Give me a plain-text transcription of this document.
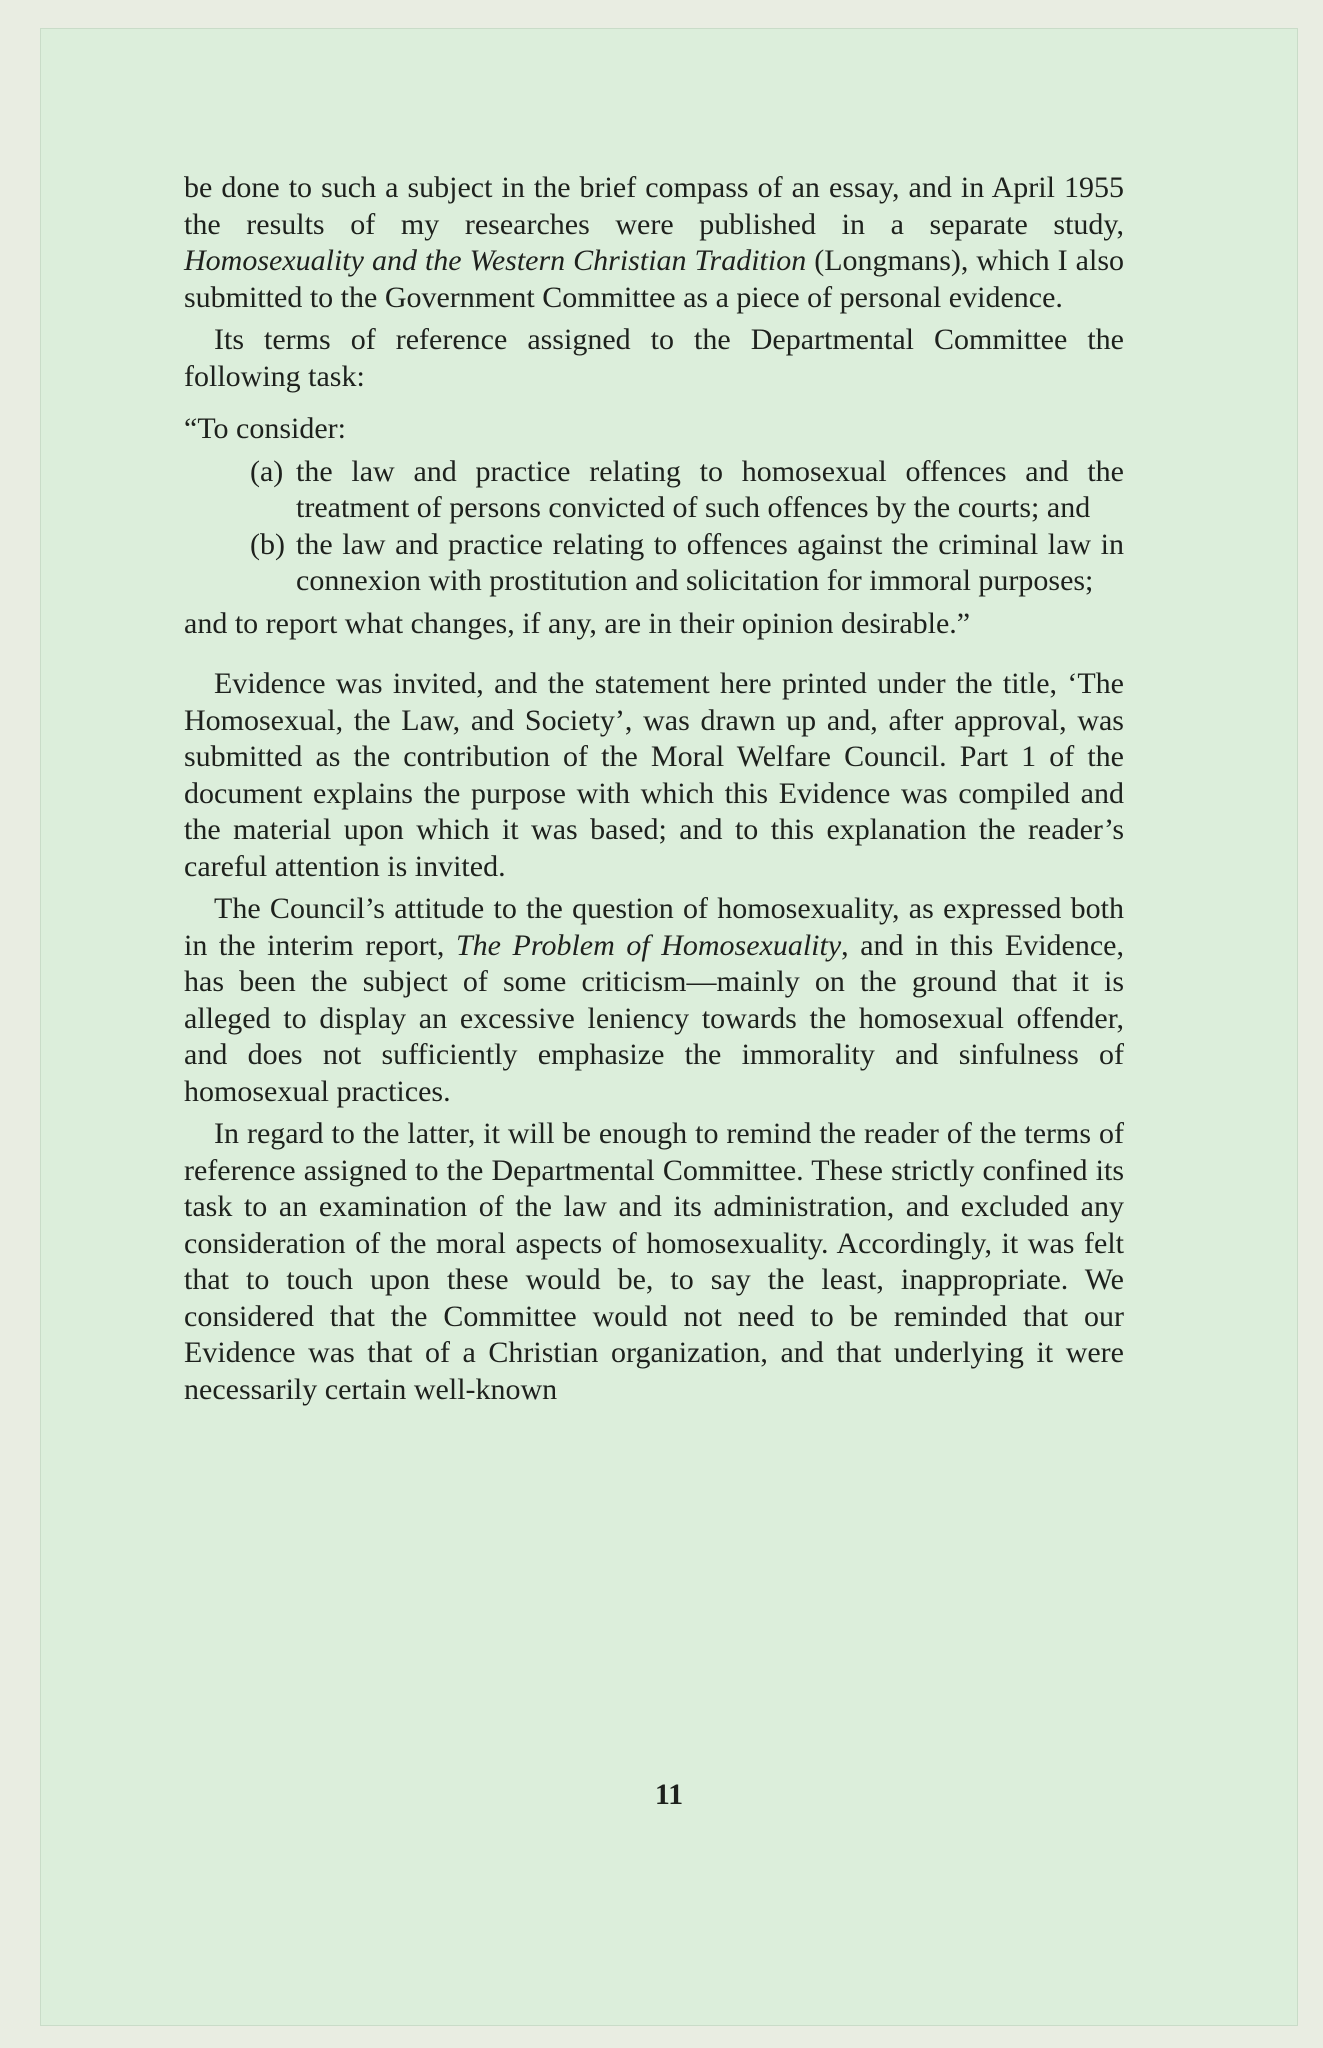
be done to such a subject in the brief compass of an essay, and in April 1955 the results of my researches were published in a separate study, Homosexuality and the Western Christian Tradition (Longmans), which I also submitted to the Government Committee as a piece of personal evidence.

Its terms of reference assigned to the Departmental Committee the following task:

“To consider:

(a) the law and practice relating to homosexual offences and the treatment of persons convicted of such offences by the courts; and
(b) the law and practice relating to offences against the criminal law in connexion with prostitution and solicitation for immoral purposes;

and to report what changes, if any, are in their opinion desirable.”

Evidence was invited, and the statement here printed under the title, ‘The Homosexual, the Law, and Society’, was drawn up and, after approval, was submitted as the contribution of the Moral Welfare Council. Part 1 of the document explains the purpose with which this Evidence was compiled and the material upon which it was based; and to this explanation the reader’s careful attention is invited.

The Council’s attitude to the question of homosexuality, as expressed both in the interim report, The Problem of Homosexuality, and in this Evidence, has been the subject of some criticism—mainly on the ground that it is alleged to display an excessive leniency towards the homosexual offender, and does not sufficiently emphasize the immorality and sinfulness of homosexual practices.

In regard to the latter, it will be enough to remind the reader of the terms of reference assigned to the Departmental Committee. These strictly confined its task to an examination of the law and its administration, and excluded any consideration of the moral aspects of homosexuality. Accordingly, it was felt that to touch upon these would be, to say the least, inappropriate. We considered that the Committee would not need to be reminded that our Evidence was that of a Christian organization, and that underlying it were necessarily certain well-known

11
